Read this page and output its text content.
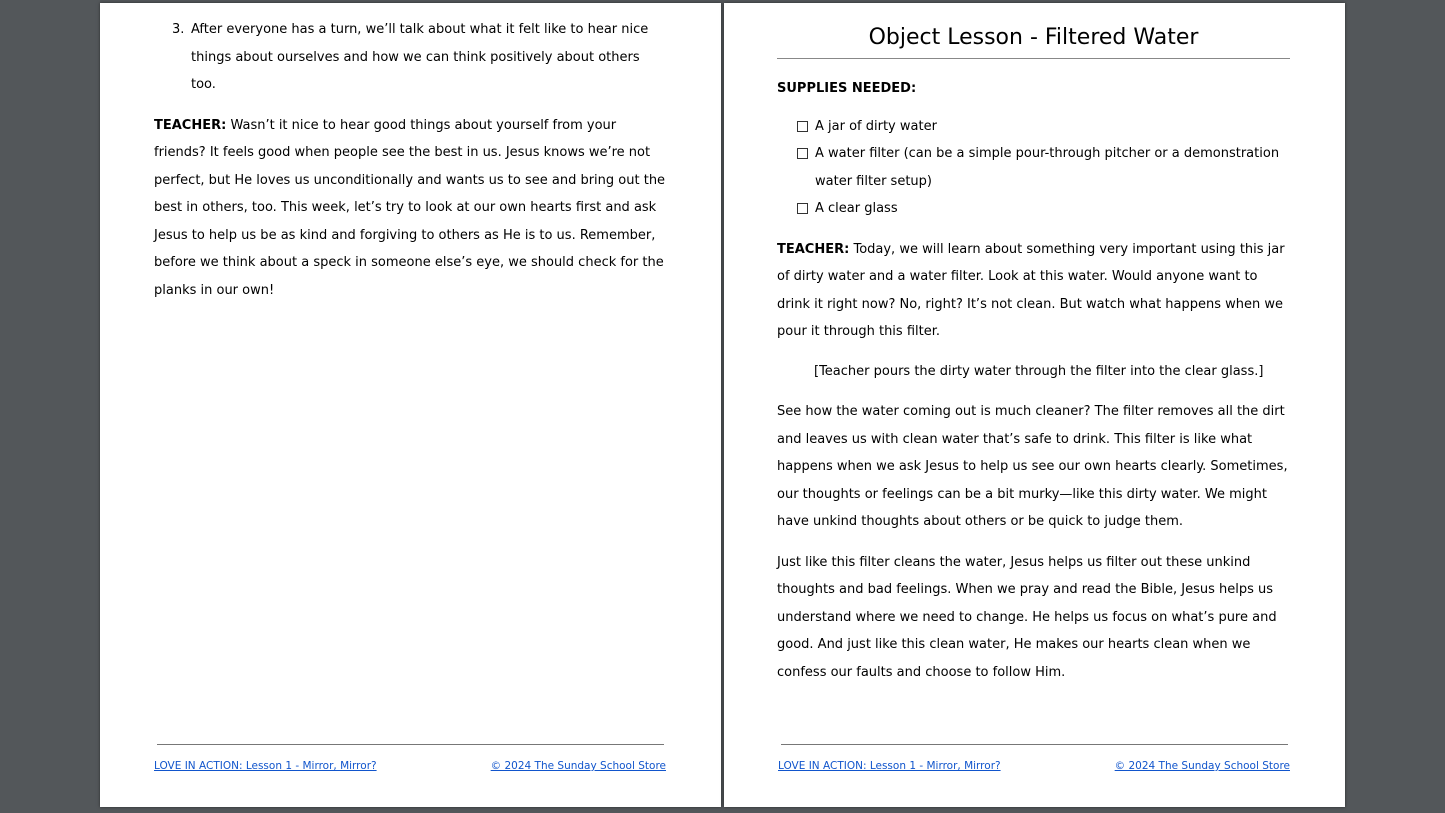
3. After everyone has a turn, we’ll talk about what it felt like to hear nice things about ourselves and how we can think positively about others too.

TEACHER: Wasn’t it nice to hear good things about yourself from your friends? It feels good when people see the best in us. Jesus knows we’re not perfect, but He loves us unconditionally and wants us to see and bring out the best in others, too. This week, let’s try to look at our own hearts first and ask Jesus to help us be as kind and forgiving to others as He is to us. Remember, before we think about a speck in someone else’s eye, we should check for the planks in our own!

LOVE IN ACTION: Lesson 1 - Mirror, Mirror?	© 2024 The Sunday School Store
Object Lesson - Filtered Water

SUPPLIES NEEDED:

A jar of dirty water
A water filter (can be a simple pour-through pitcher or a demonstration water filter setup)
A clear glass

TEACHER: Today, we will learn about something very important using this jar of dirty water and a water filter. Look at this water. Would anyone want to drink it right now? No, right? It’s not clean. But watch what happens when we pour it through this filter.

[Teacher pours the dirty water through the filter into the clear glass.]

See how the water coming out is much cleaner? The filter removes all the dirt and leaves us with clean water that’s safe to drink. This filter is like what happens when we ask Jesus to help us see our own hearts clearly. Sometimes, our thoughts or feelings can be a bit murky—like this dirty water. We might have unkind thoughts about others or be quick to judge them.

Just like this filter cleans the water, Jesus helps us filter out these unkind thoughts and bad feelings. When we pray and read the Bible, Jesus helps us understand where we need to change. He helps us focus on what’s pure and good. And just like this clean water, He makes our hearts clean when we confess our faults and choose to follow Him.

LOVE IN ACTION: Lesson 1 - Mirror, Mirror?	© 2024 The Sunday School Store
